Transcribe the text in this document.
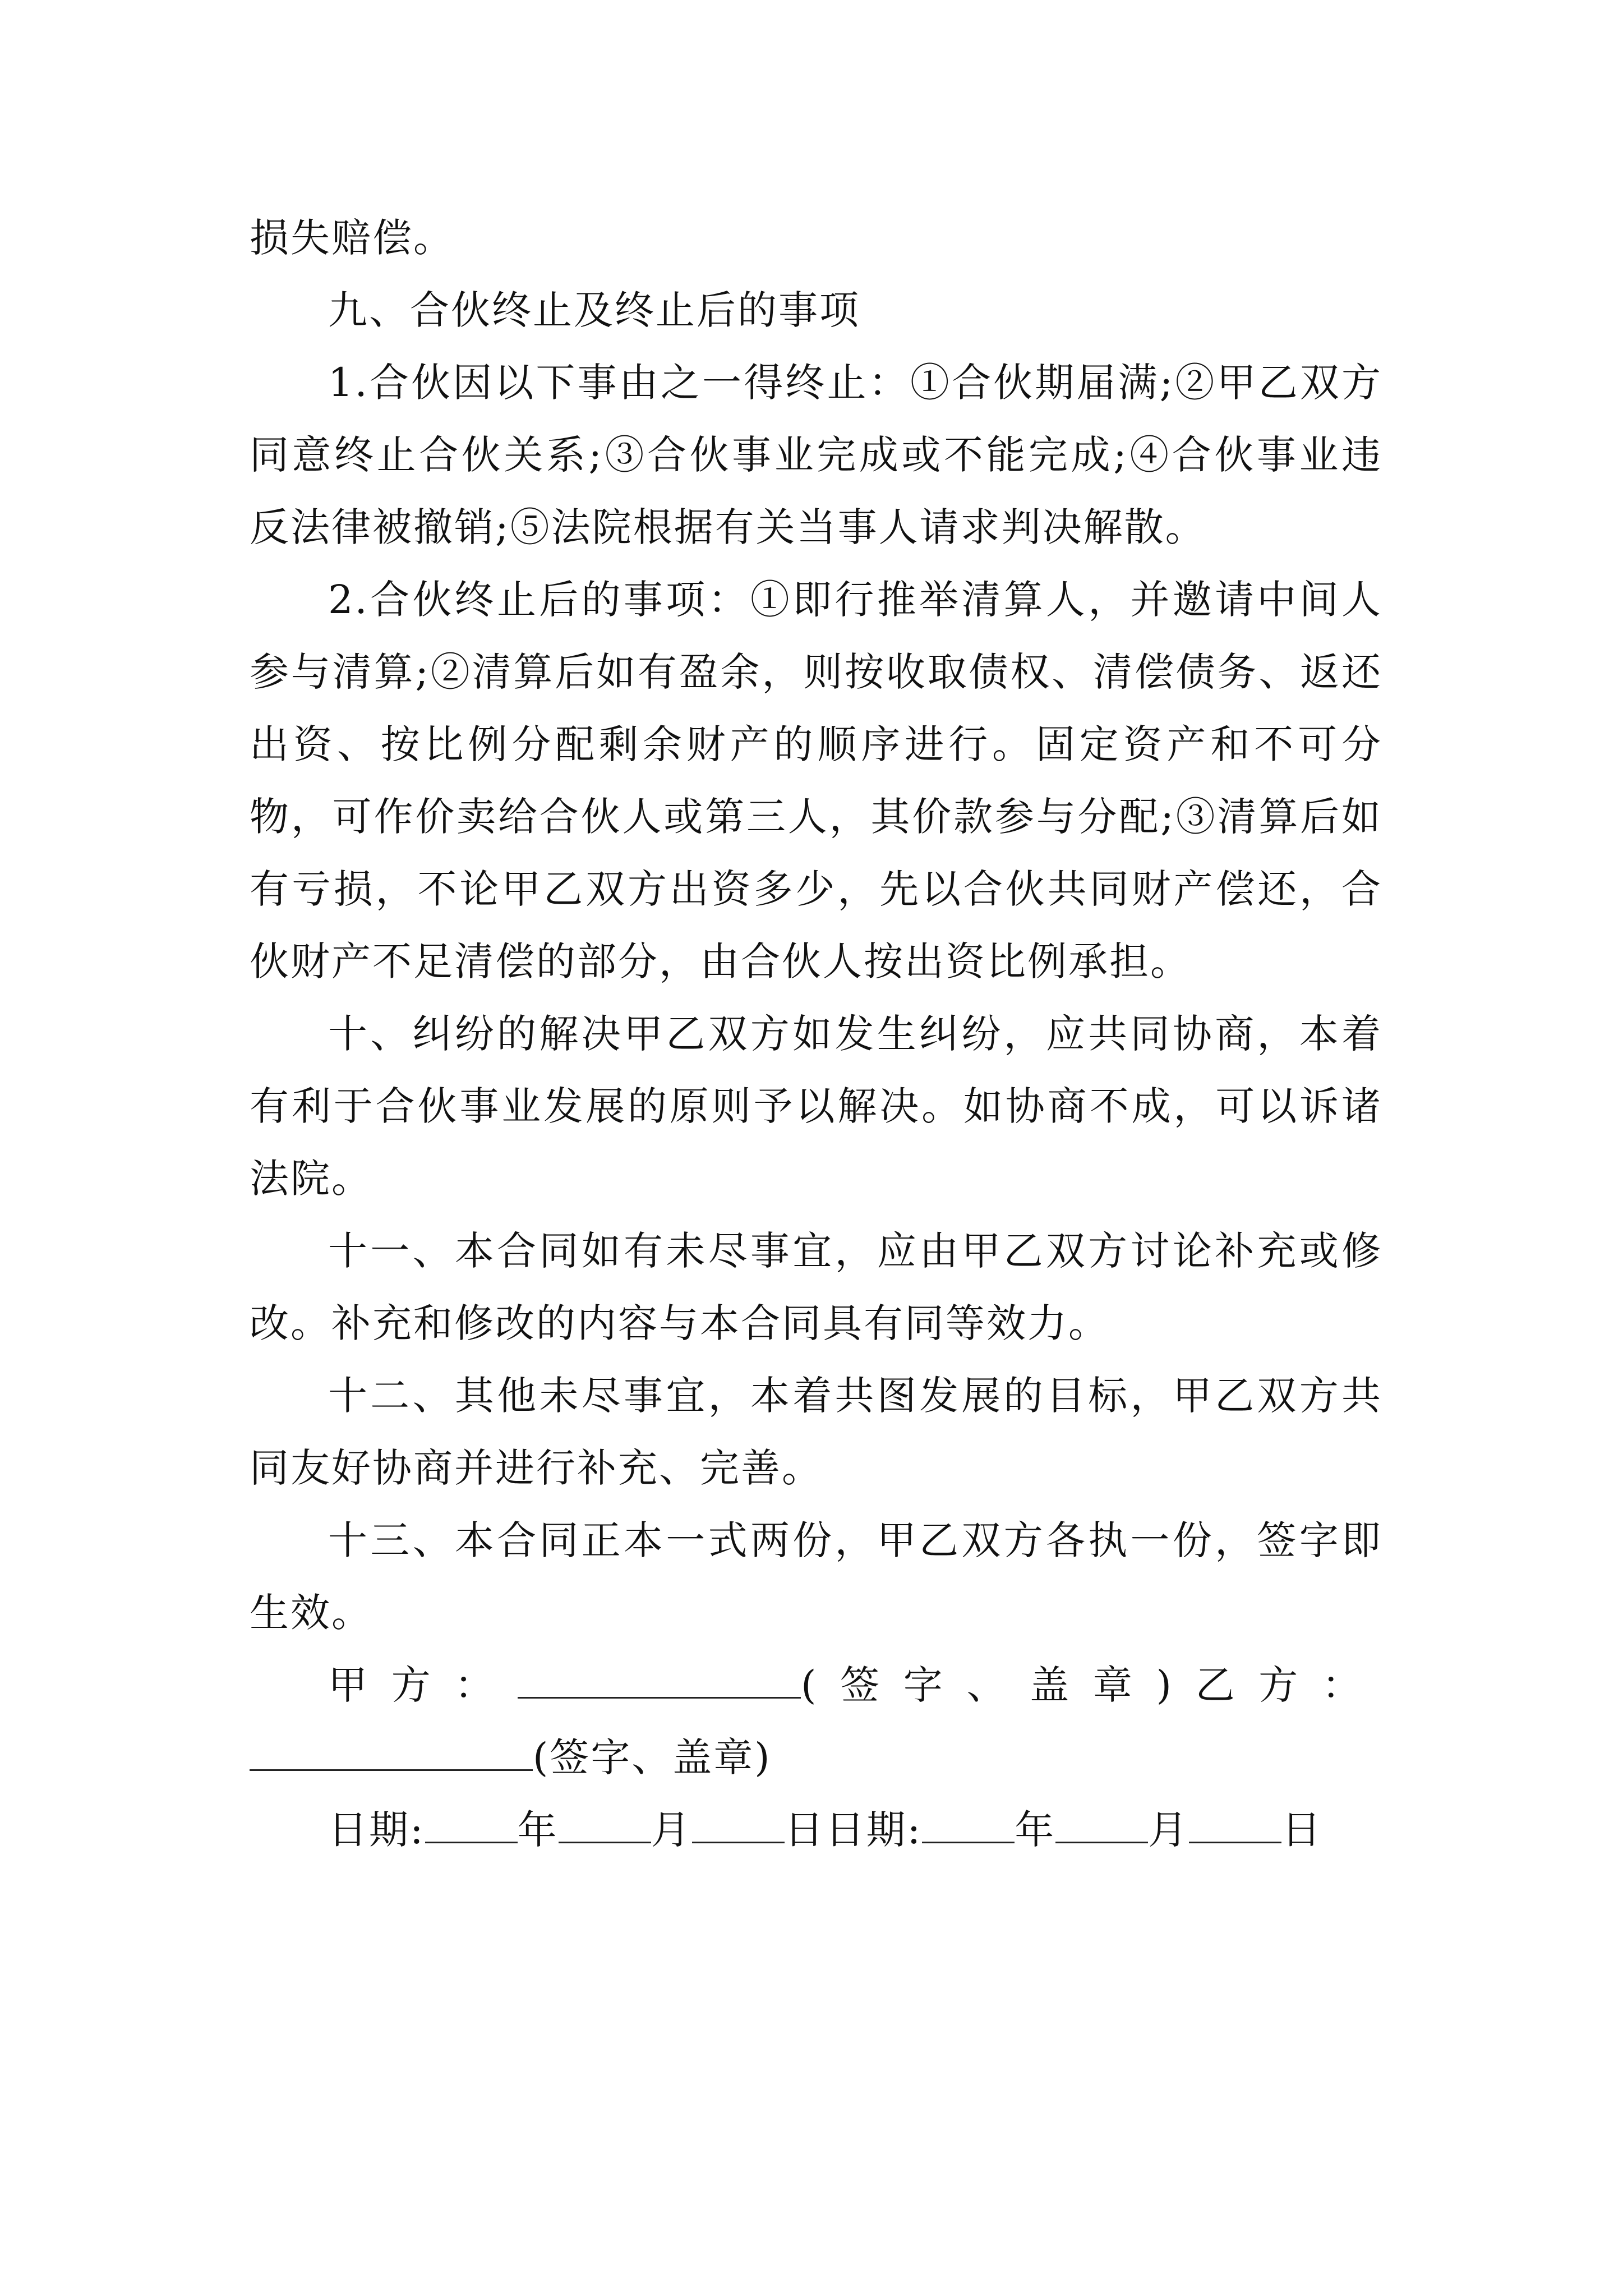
损失赔偿。

九、合伙终止及终止后的事项

1.合伙因以下事由之一得终止：①合伙期届满;②甲乙双方同意终止合伙关系;③合伙事业完成或不能完成;④合伙事业违反法律被撤销;⑤法院根据有关当事人请求判决解散。

2.合伙终止后的事项：①即行推举清算人，并邀请中间人参与清算;②清算后如有盈余，则按收取债权、清偿债务、返还出资、按比例分配剩余财产的顺序进行。固定资产和不可分物，可作价卖给合伙人或第三人，其价款参与分配;③清算后如有亏损，不论甲乙双方出资多少，先以合伙共同财产偿还，合伙财产不足清偿的部分，由合伙人按出资比例承担。

十、纠纷的解决甲乙双方如发生纠纷，应共同协商，本着有利于合伙事业发展的原则予以解决。如协商不成，可以诉诸法院。

十一、本合同如有未尽事宜，应由甲乙双方讨论补充或修改。补充和修改的内容与本合同具有同等效力。

十二、其他未尽事宜，本着共图发展的目标，甲乙双方共同友好协商并进行补充、完善。

十三、本合同正本一式两份，甲乙双方各执一份，签字即生效。

甲方：	(签字、盖章)乙方：(签字、盖章)

日期: 年 月 日日期: 年 月 日
